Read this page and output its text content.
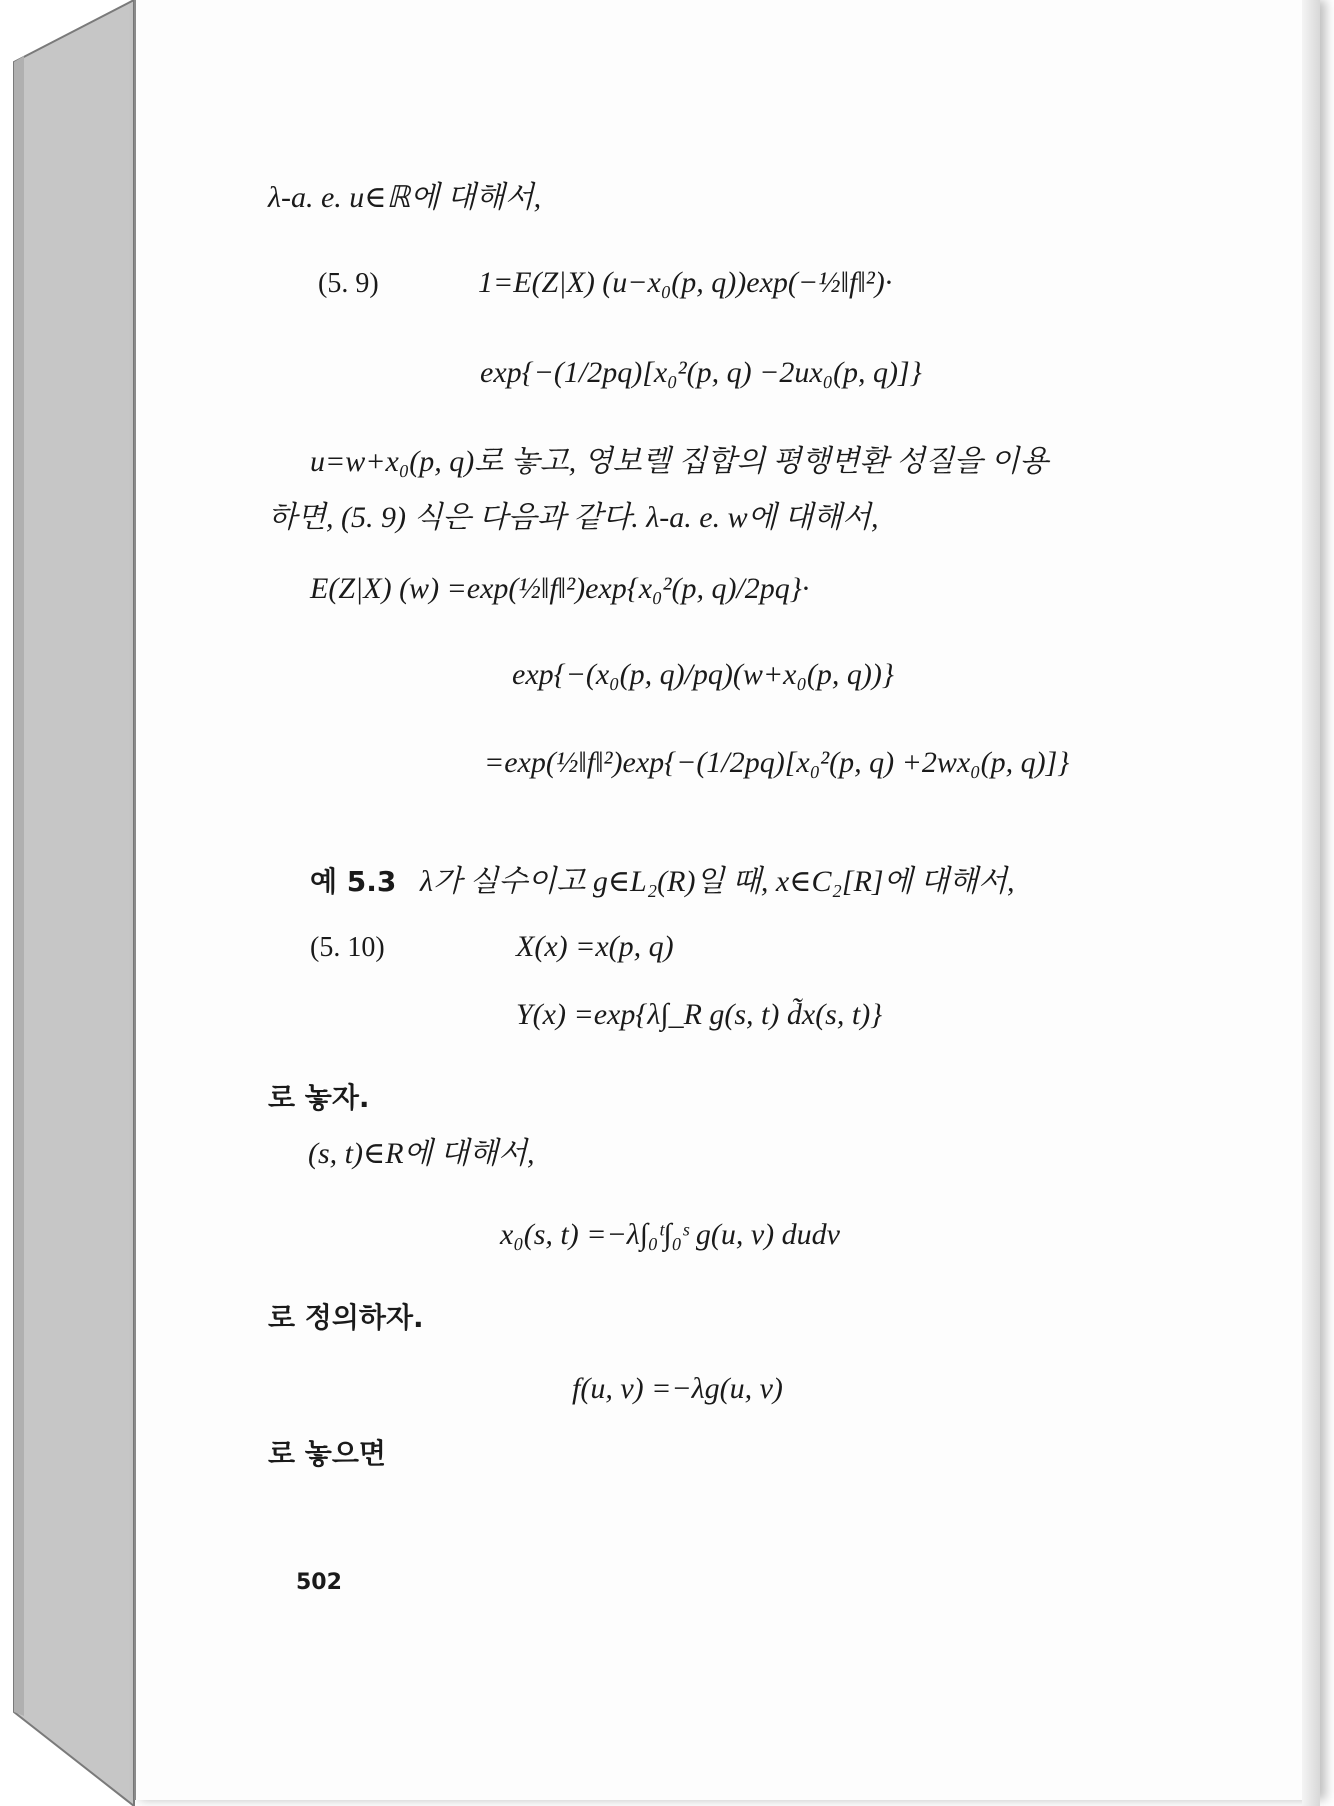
λ-a. e. u∈ℝ에 대해서,
(5. 9)	1=E(Z|X) (u−x₀(p, q))exp(−½‖f‖²)·
exp{−(1/2pq)[x₀²(p, q) −2ux₀(p, q)]}
u=w+x₀(p, q)로 놓고, 영보렐 집합의 평행변환 성질을 이용
하면, (5. 9) 식은 다음과 같다. λ-a. e. w에 대해서,
E(Z|X) (w) =exp(½‖f‖²)exp{x₀²(p, q)/2pq}·
exp{−(x₀(p, q)/pq)(w+x₀(p, q))}
=exp(½‖f‖²)exp{−(1/2pq)[x₀²(p, q) +2wx₀(p, q)]}
예 5.3 λ가 실수이고 g∈L₂(R)일 때, x∈C₂[R]에 대해서,
(5. 10)	X(x) =x(p, q)
Y(x) =exp{λ∫_R g(s, t) d̃x(s, t)}
로 놓자.
(s, t)∈R에 대해서,
x₀(s, t) =−λ∫₀ᵗ∫₀ˢ g(u, v) dudv
로 정의하자.
f(u, v) =−λg(u, v)
로 놓으면
502
